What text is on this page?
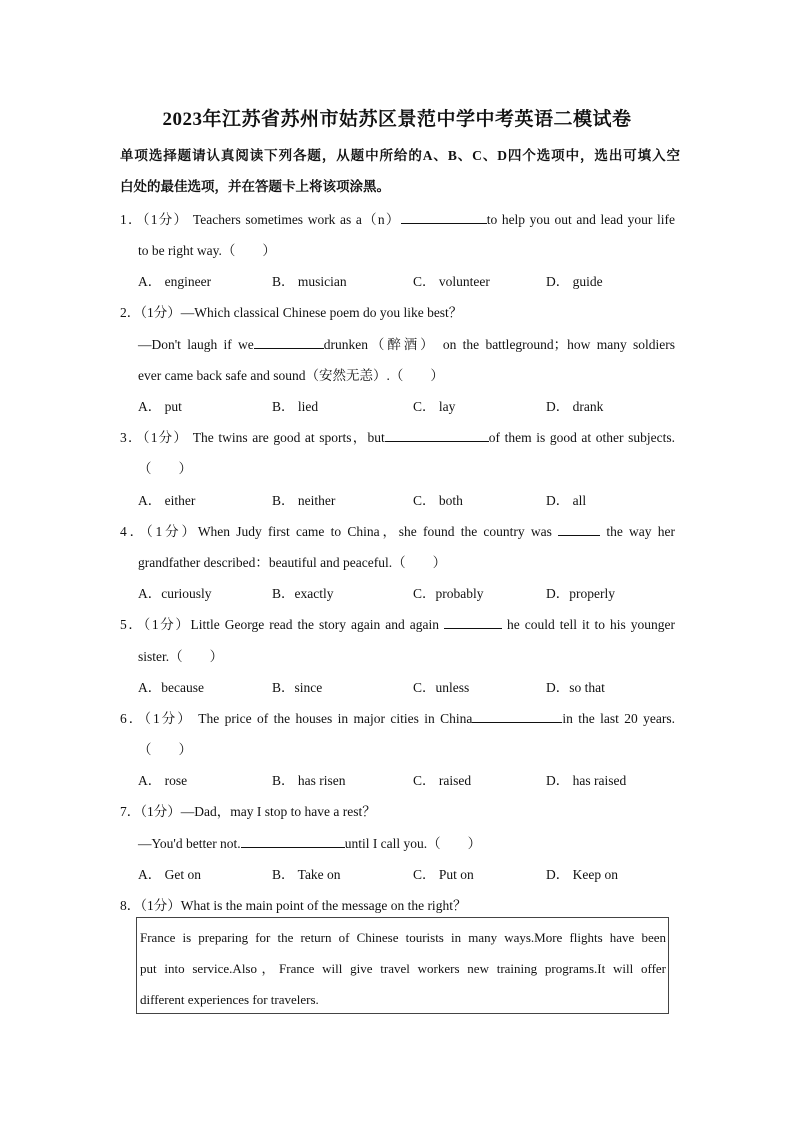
2023年江苏省苏州市姑苏区景范中学中考英语二模试卷
单项选择题请认真阅读下列各题，从题中所给的A、B、C、D四个选项中，选出可填入空
白处的最佳选项，并在答题卡上将该项涂黑。
1．（1分） Teachers sometimes work as a（n）	to help you out and lead your life
to be right way.（　　）
A． engineer	B． musician	C． volunteer	D． guide
2．（1分）—Which classical Chinese poem do you like best？
—Don't laugh if we	drunken（醉酒） on the battleground；how many soldiers
ever came back safe and sound（安然无恙）.（　　）
A． put	B． lied	C． lay	D． drank
3．（1分） The twins are good at sports，but	of them is good at other subjects.
（　　）
A． either	B． neither	C． both	D． all
4．（1分）When Judy first came to China，she found the country was	the way her
grandfather described：beautiful and peaceful.（　　）
A．curiously	B．exactly	C．probably	D．properly
5．（1分）Little George read the story again and again	he could tell it to his younger
sister.（　　）
A．because	B．since	C．unless	D．so that
6．（1分） The price of the houses in major cities in China	in the last 20 years.
（　　）
A． rose	B． has risen	C． raised	D． has raised
7．（1分）—Dad，may I stop to have a rest？
—You'd better not.	until I call you.（　　）
A． Get on	B． Take on	C． Put on	D． Keep on
8．（1分）What is the main point of the message on the right？
France is preparing for the return of Chinese tourists in many ways.More flights have been
put into service.Also，France will give travel workers new training programs.It will offer
different experiences for travelers.
